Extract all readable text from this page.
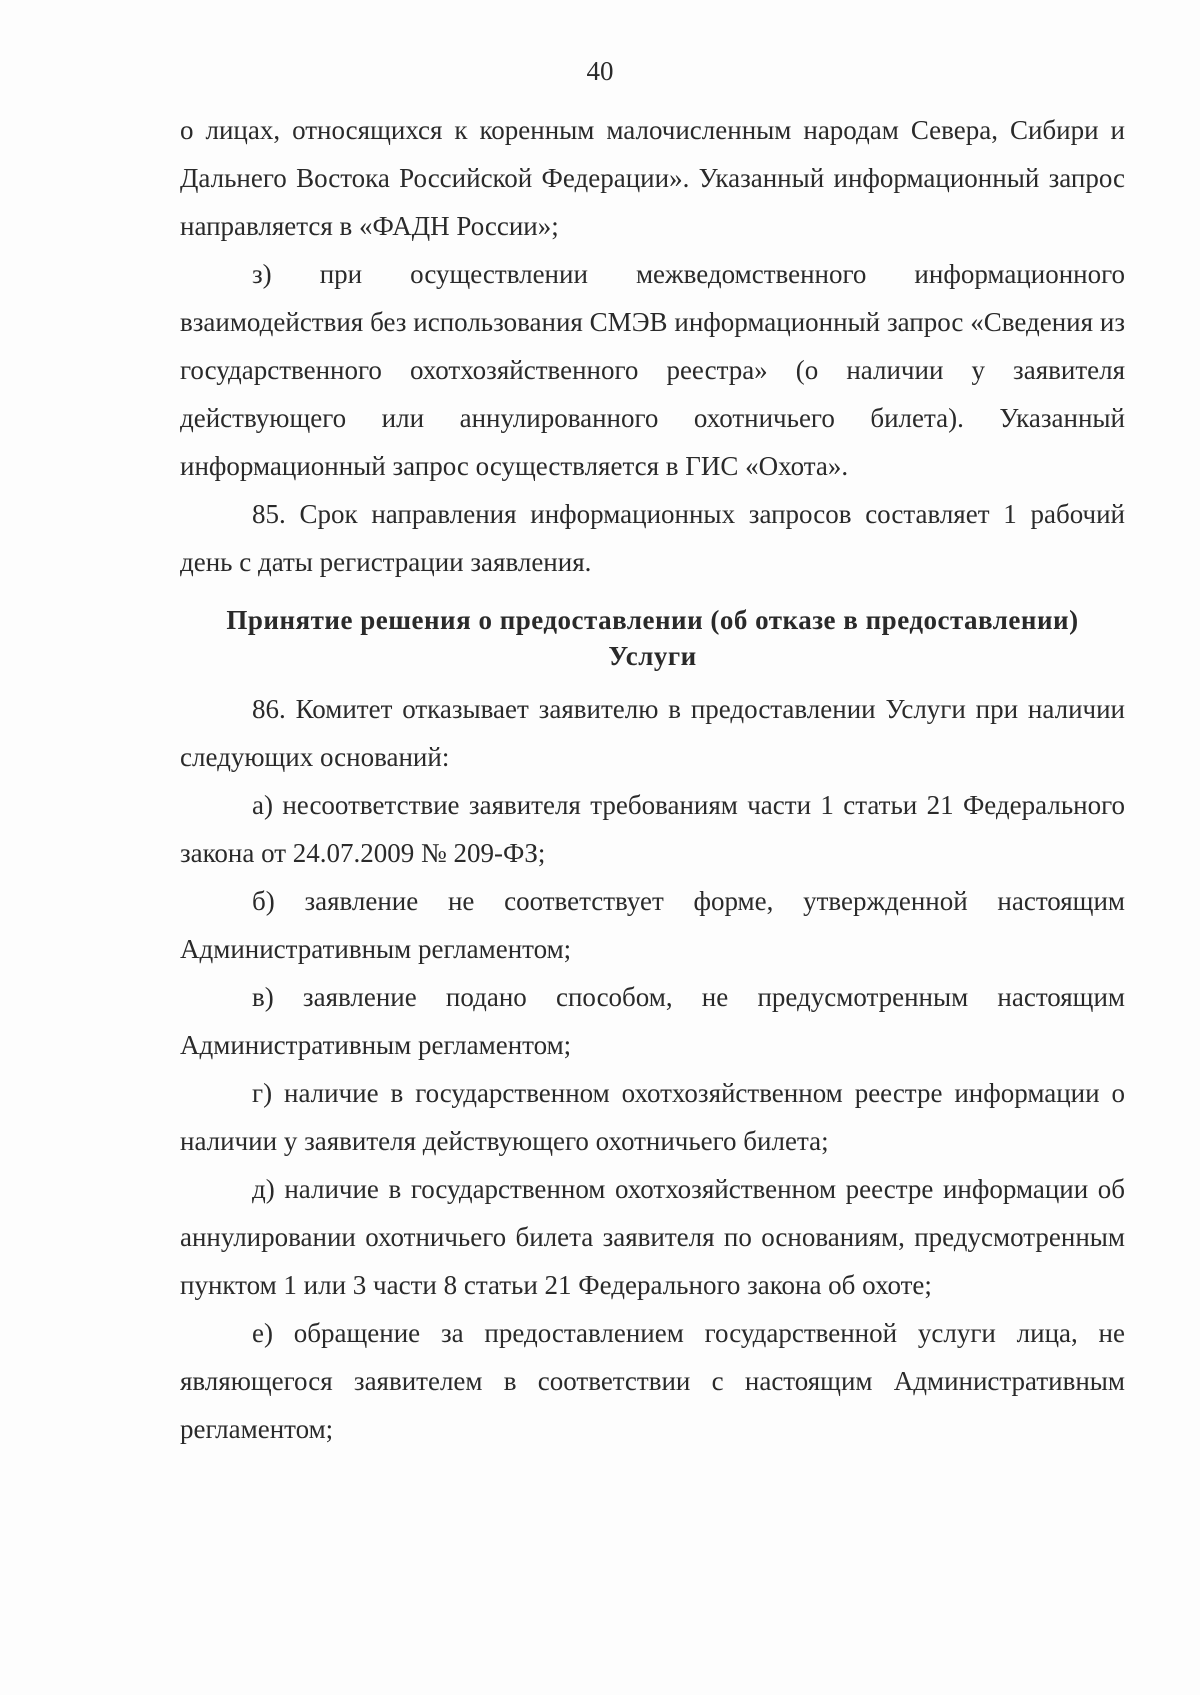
40

о лицах, относящихся к коренным малочисленным народам Севера, Сибири и Дальнего Востока Российской Федерации». Указанный информационный запрос направляется в «ФАДН России»;

з) при осуществлении межведомственного информационного взаимодействия без использования СМЭВ информационный запрос «Сведения из государственного охотхозяйственного реестра» (о наличии у заявителя действующего или аннулированного охотничьего билета). Указанный информационный запрос осуществляется в ГИС «Охота».

85. Срок направления информационных запросов составляет 1 рабочий день с даты регистрации заявления.

Принятие решения о предоставлении (об отказе в предоставлении)
Услуги

86. Комитет отказывает заявителю в предоставлении Услуги при наличии следующих оснований:

а) несоответствие заявителя требованиям части 1 статьи 21 Федерального закона от 24.07.2009 № 209-ФЗ;

б) заявление не соответствует форме, утвержденной настоящим Административным регламентом;

в) заявление подано способом, не предусмотренным настоящим Административным регламентом;

г) наличие в государственном охотхозяйственном реестре информации о наличии у заявителя действующего охотничьего билета;

д) наличие в государственном охотхозяйственном реестре информации об аннулировании охотничьего билета заявителя по основаниям, предусмотренным пунктом 1 или 3 части 8 статьи 21 Федерального закона об охоте;

е) обращение за предоставлением государственной услуги лица, не являющегося заявителем в соответствии с настоящим Административным регламентом;
